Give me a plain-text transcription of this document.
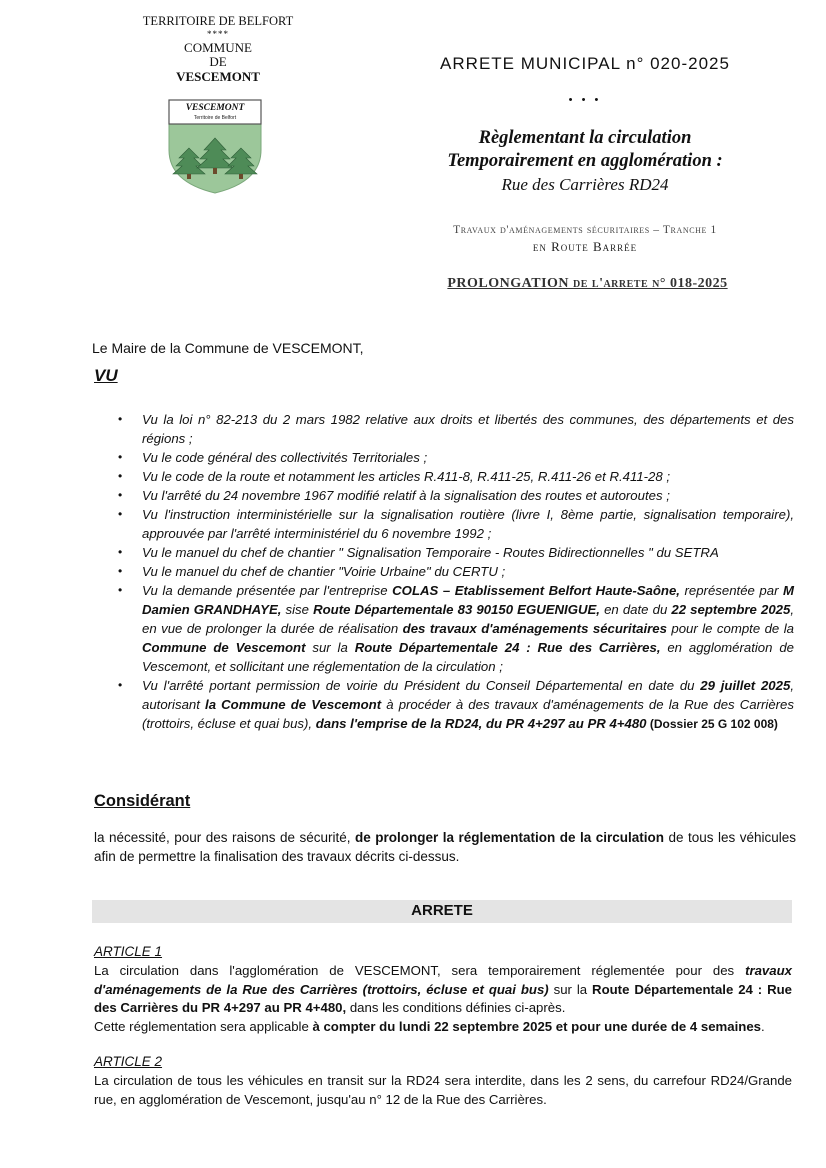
TERRITOIRE DE BELFORT
****
COMMUNE
DE
VESCEMONT
VESCEMONT
Territoire de Belfort
ARRETE MUNICIPAL n° 020-2025
• • •
Règlementant la circulation
Temporairement en agglomération :
Rue des Carrières RD24
Travaux d'aménagements sécuritaires – Tranche 1
en Route Barrée
PROLONGATION de l'arrete n° 018-2025
Le Maire de la Commune de VESCEMONT,
VU
• Vu la loi n° 82-213 du 2 mars 1982 relative aux droits et libertés des communes, des départements et des régions ;
• Vu le code général des collectivités Territoriales ;
• Vu le code de la route et notamment les articles R.411-8, R.411-25, R.411-26 et R.411-28 ;
• Vu l'arrêté du 24 novembre 1967 modifié relatif à la signalisation des routes et autoroutes ;
• Vu l'instruction interministérielle sur la signalisation routière (livre I, 8ème partie, signalisation temporaire), approuvée par l'arrêté interministériel du 6 novembre 1992 ;
• Vu le manuel du chef de chantier " Signalisation Temporaire - Routes Bidirectionnelles " du SETRA
• Vu le manuel du chef de chantier "Voirie Urbaine" du CERTU ;
• Vu la demande présentée par l'entreprise COLAS – Etablissement Belfort Haute-Saône, représentée par M Damien GRANDHAYE, sise Route Départementale 83 90150 EGUENIGUE, en date du 22 septembre 2025, en vue de prolonger la durée de réalisation des travaux d'aménagements sécuritaires pour le compte de la Commune de Vescemont sur la Route Départementale 24 : Rue des Carrières, en agglomération de Vescemont, et sollicitant une réglementation de la circulation ;
• Vu l'arrêté portant permission de voirie du Président du Conseil Départemental en date du 29 juillet 2025, autorisant la Commune de Vescemont à procéder à des travaux d'aménagements de la Rue des Carrières (trottoirs, écluse et quai bus), dans l'emprise de la RD24, du PR 4+297 au PR 4+480 (Dossier 25 G 102 008)
Considérant
la nécessité, pour des raisons de sécurité, de prolonger la réglementation de la circulation de tous les véhicules afin de permettre la finalisation des travaux décrits ci-dessus.
ARRETE
ARTICLE 1
La circulation dans l'agglomération de VESCEMONT, sera temporairement réglementée pour des travaux d'aménagements de la Rue des Carrières (trottoirs, écluse et quai bus) sur la Route Départementale 24 : Rue des Carrières du PR 4+297 au PR 4+480, dans les conditions définies ci-après.
Cette réglementation sera applicable à compter du lundi 22 septembre 2025 et pour une durée de 4 semaines.
ARTICLE 2
La circulation de tous les véhicules en transit sur la RD24 sera interdite, dans les 2 sens, du carrefour RD24/Grande rue, en agglomération de Vescemont, jusqu'au n° 12 de la Rue des Carrières.
